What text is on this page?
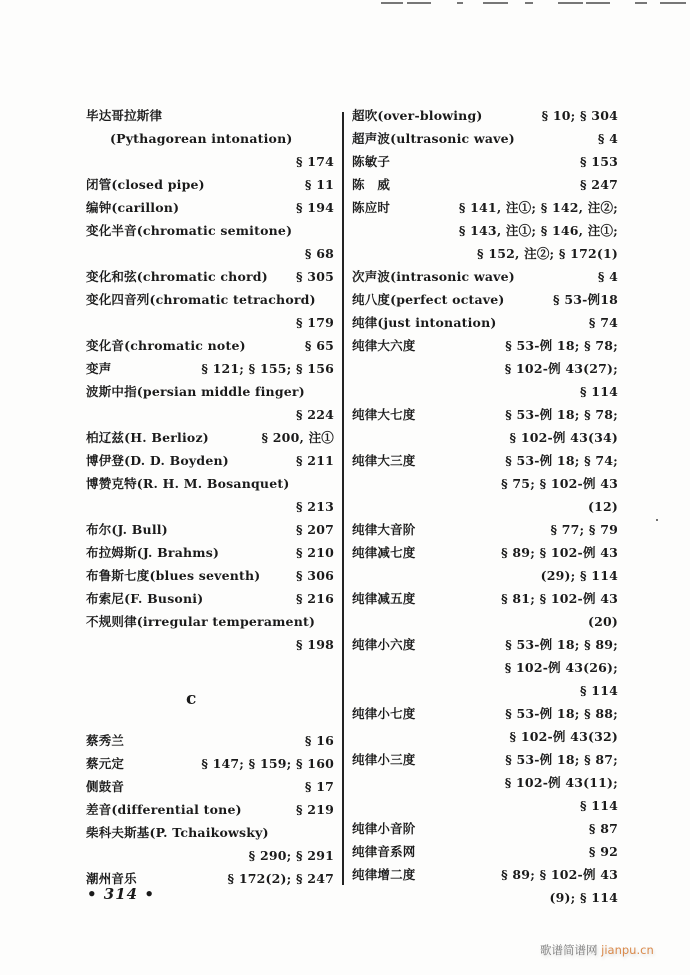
毕达哥拉斯律
(Pythagorean intonation)
§ 174
闭管(closed pipe)	§ 11
编钟(carillon)	§ 194
变化半音(chromatic semitone)
§ 68
变化和弦(chromatic chord) § 305
变化四音列(chromatic tetrachord)
§ 179
变化音(chromatic note)	§ 65
变声	§ 121; § 155; § 156
波斯中指(persian middle finger)
§ 224
柏辽兹(H. Berlioz)	§ 200, 注①
博伊登(D. D. Boyden)	§ 211
博赞克特(R. H. M. Bosanquet)
§ 213
布尔(J. Bull)	§ 207
布拉姆斯(J. Brahms)	§ 210
布鲁斯七度(blues seventh)	§ 306
布索尼(F. Busoni)	§ 216
不规则律(irregular temperament)
§ 198
c
蔡秀兰	§ 16
蔡元定	§ 147; § 159; § 160
侧鼓音	§ 17
差音(differential tone)	§ 219
柴科夫斯基(P. Tchaikowsky)
§ 290; § 291
潮州音乐	§ 172(2); § 247
超吹(over-blowing)	§ 10; § 304
超声波(ultrasonic wave)	§ 4
陈敏子	§ 153
陈　威	§ 247
陈应时	§ 141, 注①; § 142, 注②;
§ 143, 注①; § 146, 注①;
§ 152, 注②; § 172(1)
次声波(intrasonic wave)	§ 4
纯八度(perfect octave)	§ 53-例18
纯律(just intonation)	§ 74
纯律大六度	§ 53-例 18; § 78;
§ 102-例 43(27);
§ 114
纯律大七度	§ 53-例 18; § 78;
§ 102-例 43(34)
纯律大三度	§ 53-例 18; § 74;
§ 75; § 102-例 43
(12)
纯律大音阶	§ 77; § 79
纯律减七度	§ 89; § 102-例 43
(29); § 114
纯律减五度	§ 81; § 102-例 43
(20)
纯律小六度	§ 53-例 18; § 89;
§ 102-例 43(26);
§ 114
纯律小七度	§ 53-例 18; § 88;
§ 102-例 43(32)
纯律小三度	§ 53-例 18; § 87;
§ 102-例 43(11);
§ 114
纯律小音阶	§ 87
纯律音系网	§ 92
纯律增二度	§ 89; § 102-例 43
(9); § 114
• 314 •
歌谱简谱网 jianpu.cn
